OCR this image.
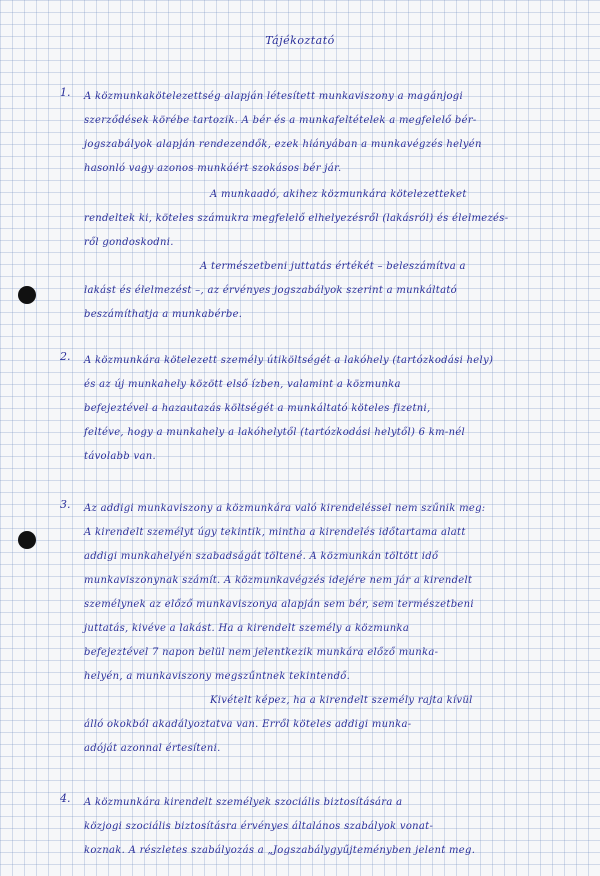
Tájékoztató
1. A közmunkakötelezettség alapján létesített munkaviszony a magánjogi
szerződések körébe tartozik. A bér és a munkafeltételek a megfelelő bér-
jogszabályok alapján rendezendők, ezek hiányában a munkavégzés helyén
hasonló vagy azonos munkáért szokásos bér jár.
A munkaadó, akihez közmunkára kötelezetteket
rendeltek ki, köteles számukra megfelelő elhelyezésről (lakásról) és élelmezés-
ről gondoskodni.
A természetbeni juttatás értékét – beleszámítva a
lakást és élelmezést –, az érvényes jogszabályok szerint a munkáltató
beszámíthatja a munkabérbe.
2. A közmunkára kötelezett személy útiköltségét a lakóhely (tartózkodási hely)
és az új munkahely között első ízben, valamint a közmunka
befejeztével a hazautazás költségét a munkáltató köteles fizetni,
feltéve, hogy a munkahely a lakóhelytől (tartózkodási helytől) 6 km-nél
távolabb van.
3. Az addigi munkaviszony a közmunkára való kirendeléssel nem szűnik meg:
A kirendelt személyt úgy tekintik, mintha a kirendelés időtartama alatt
addigi munkahelyén szabadságát töltené. A közmunkán töltött idő
munkaviszonynak számít. A közmunkavégzés idejére nem jár a kirendelt
személynek az előző munkaviszonya alapján sem bér, sem természetbeni
juttatás, kivéve a lakást. Ha a kirendelt személy a közmunka
befejeztével 7 napon belül nem jelentkezik munkára előző munka-
helyén, a munkaviszony megszűntnek tekintendő.
Kivételt képez, ha a kirendelt személy rajta kívül
álló okokból akadályoztatva van. Erről köteles addigi munka-
adóját azonnal értesíteni.
4. A közmunkára kirendelt személyek szociális biztosítására a
közjogi szociális biztosításra érvényes általános szabályok vonat-
koznak. A részletes szabályozás a „Jogszabálygyűjteményben jelent meg.
